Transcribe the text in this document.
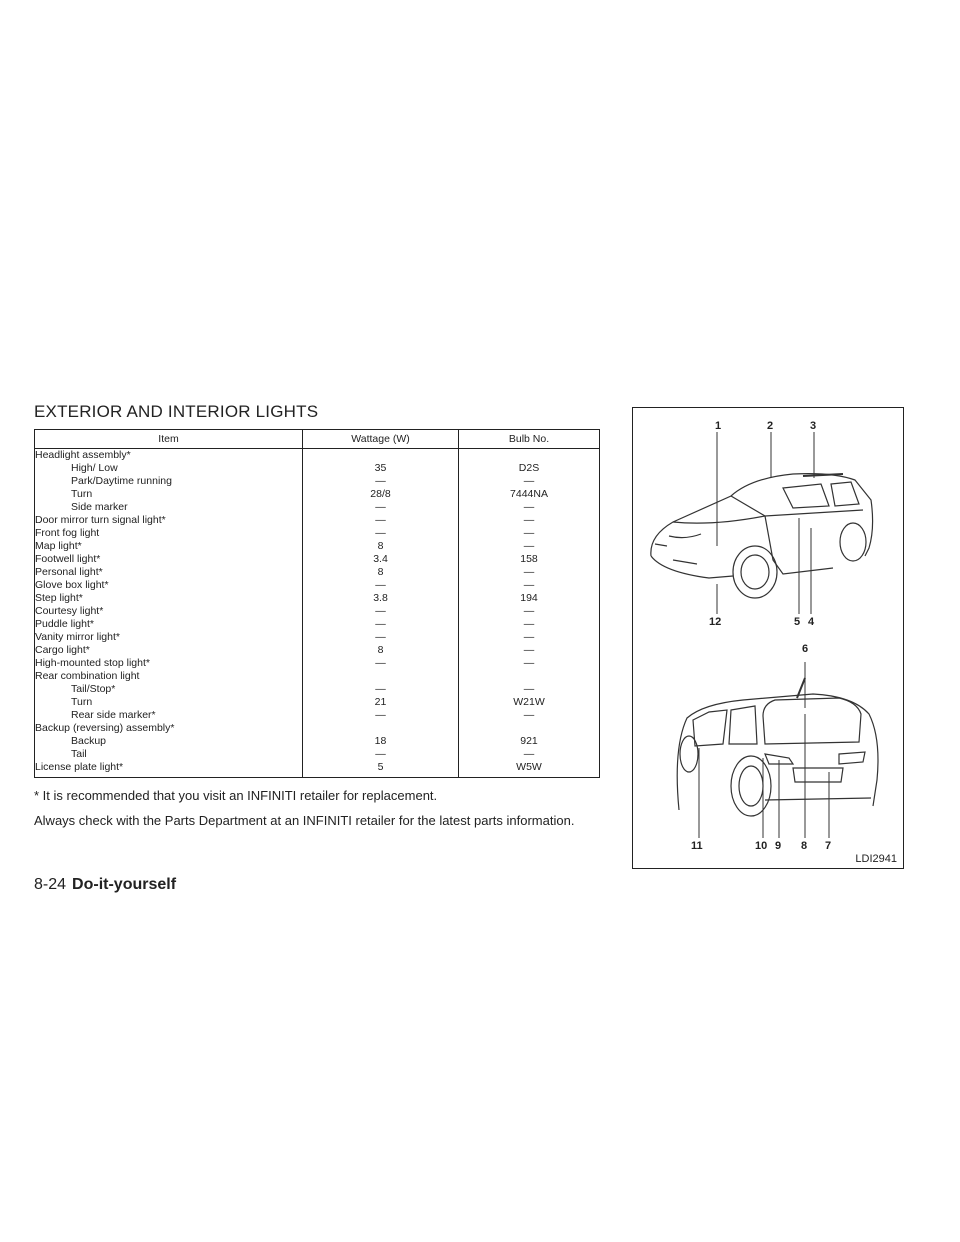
EXTERIOR AND INTERIOR LIGHTS
Item	Wattage (W)	Bulb No.
Headlight assembly*		
High/ Low	35	D2S
Park/Daytime running	—	—
Turn	28/8	7444NA
Side marker	—	—
Door mirror turn signal light*	—	—
Front fog light	—	—
Map light*	8	—
Footwell light*	3.4	158
Personal light*	8	—
Glove box light*	—	—
Step light*	3.8	194
Courtesy light*	—	—
Puddle light*	—	—
Vanity mirror light*	—	—
Cargo light*	8	—
High-mounted stop light*	—	—
Rear combination light		
Tail/Stop*	—	—
Turn	21	W21W
Rear side marker*	—	—
Backup (reversing) assembly*		
Backup	18	921
Tail	—	—
License plate light*	5	W5W
* It is recommended that you visit an INFINITI retailer for replacement.
Always check with the Parts Department at an INFINITI retailer for the latest parts information.
1	2	3
12	5 4
6
11	10 9 8 7
LDI2941
8-24 Do-it-yourself
